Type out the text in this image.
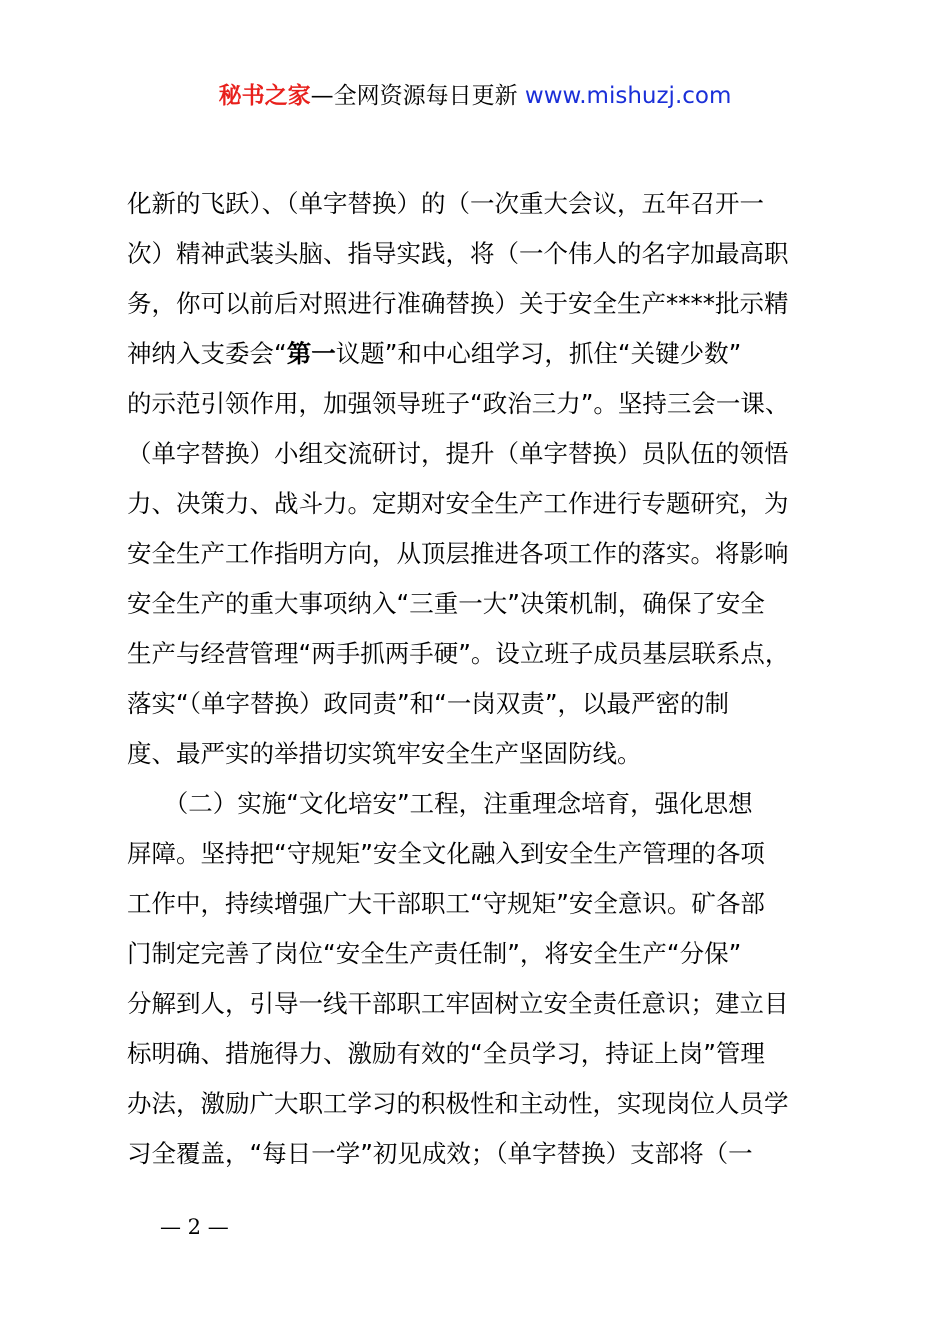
秘书之家—全网资源每日更新 www.mishuzj.com
化新的飞跃）、（单字替换）的（一次重大会议，五年召开一
次）精神武装头脑、指导实践，将（一个伟人的名字加最高职
务，你可以前后对照进行准确替换）关于安全生产****批示精
神纳入支委会“第一议题”和中心组学习，抓住“关键少数”
的示范引领作用，加强领导班子“政治三力”。坚持三会一课、
（单字替换）小组交流研讨，提升（单字替换）员队伍的领悟
力、决策力、战斗力。定期对安全生产工作进行专题研究，为
安全生产工作指明方向，从顶层推进各项工作的落实。将影响
安全生产的重大事项纳入“三重一大”决策机制，确保了安全
生产与经营管理“两手抓两手硬”。设立班子成员基层联系点，
落实“（单字替换）政同责”和“一岗双责”，以最严密的制
度、最严实的举措切实筑牢安全生产坚固防线。
　　（二）实施“文化培安”工程，注重理念培育，强化思想
屏障。坚持把“守规矩”安全文化融入到安全生产管理的各项
工作中，持续增强广大干部职工“守规矩”安全意识。矿各部
门制定完善了岗位“安全生产责任制”，将安全生产“分保”
分解到人，引导一线干部职工牢固树立安全责任意识；建立目
标明确、措施得力、激励有效的“全员学习，持证上岗”管理
办法，激励广大职工学习的积极性和主动性，实现岗位人员学
习全覆盖，“每日一学”初见成效；（单字替换）支部将（一
— 2 —
